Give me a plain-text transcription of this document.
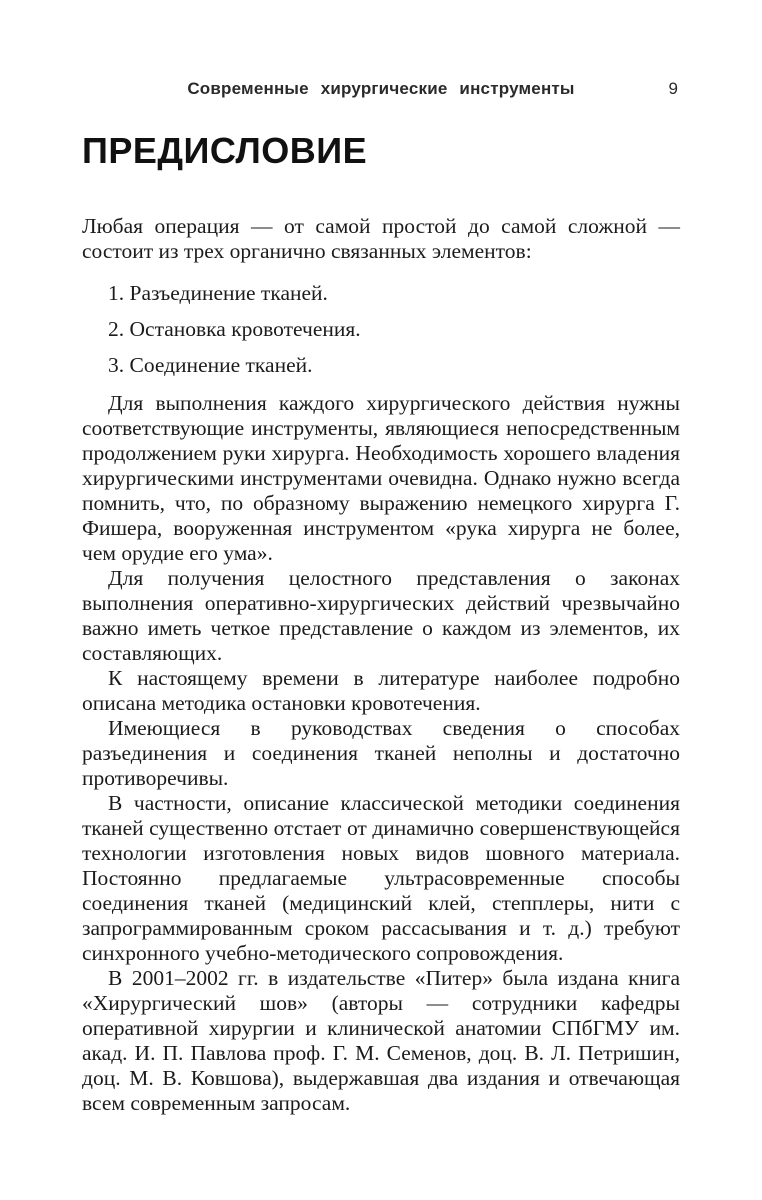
Современные хирургические инструменты	9
ПРЕДИСЛОВИЕ

Любая операция — от самой простой до самой сложной — состоит из трех органично связанных элементов:

1. Разъединение тканей.

2. Остановка кровотечения.

3. Соединение тканей.

Для выполнения каждого хирургического действия нужны соответствующие инструменты, являющиеся непосредственным продолжением руки хирурга. Необходимость хорошего владения хирургическими инструментами очевидна. Однако нужно всегда помнить, что, по образному выражению немецкого хирурга Г. Фишера, вооруженная инструментом «рука хирурга не более, чем орудие его ума».

Для получения целостного представления о законах выполнения оперативно-хирургических действий чрезвычайно важно иметь четкое представление о каждом из элементов, их составляющих.

К настоящему времени в литературе наиболее подробно описана методика остановки кровотечения.

Имеющиеся в руководствах сведения о способах разъединения и соединения тканей неполны и достаточно противоречивы.

В частности, описание классической методики соединения тканей существенно отстает от динамично совершенствующейся технологии изготовления новых видов шовного материала. Постоянно предлагаемые ультрасовременные способы соединения тканей (медицинский клей, степплеры, нити с запрограммированным сроком рассасывания и т. д.) требуют синхронного учебно-методического сопровождения.

В 2001–2002 гг. в издательстве «Питер» была издана книга «Хирургический шов» (авторы — сотрудники кафедры оперативной хирургии и клинической анатомии СПбГМУ им. акад. И. П. Павлова проф. Г. М. Семенов, доц. В. Л. Петришин, доц. М. В. Ковшова), выдержавшая два издания и отвечающая всем современным запросам.
